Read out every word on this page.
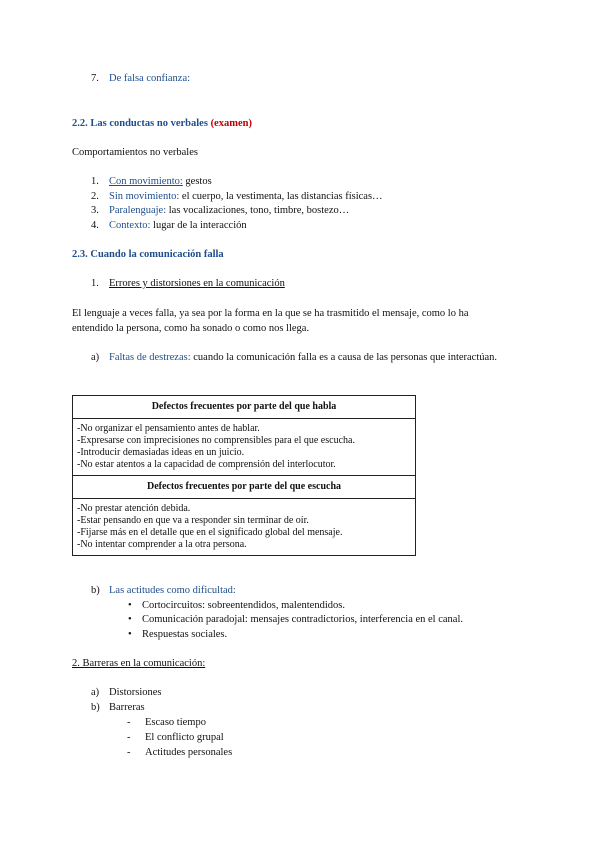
7. De falsa confianza:
2.2. Las conductas no verbales (examen)
Comportamientos no verbales
1. Con movimiento: gestos
2. Sin movimiento: el cuerpo, la vestimenta, las distancias físicas…
3. Paralenguaje: las vocalizaciones, tono, timbre, bostezo…
4. Contexto: lugar de la interacción
2.3. Cuando la comunicación falla
1. Errores y distorsiones en la comunicación
El lenguaje a veces falla, ya sea por la forma en la que se ha trasmitido el mensaje, como lo ha
entendido la persona, como ha sonado o como nos llega.
a) Faltas de destrezas: cuando la comunicación falla es a causa de las personas que interactúan.
Defectos frecuentes por parte del que habla

-No organizar el pensamiento antes de hablar.
-Expresarse con imprecisiones no comprensibles para el que escucha.
-Introducir demasiadas ideas en un juicio.
-No estar atentos a la capacidad de comprensión del interlocutor.

Defectos frecuentes por parte del que escucha

-No prestar atención debida.
-Estar pensando en que va a responder sin terminar de oír.
-Fijarse más en el detalle que en el significado global del mensaje.
-No intentar comprender a la otra persona.
b) Las actitudes como dificultad:
• Cortocircuitos: sobreentendidos, malentendidos.
• Comunicación paradojal: mensajes contradictorios, interferencia en el canal.
• Respuestas sociales.
2. Barreras en la comunicación:
a) Distorsiones
b) Barreras
- Escaso tiempo
- El conflicto grupal
- Actitudes personales
